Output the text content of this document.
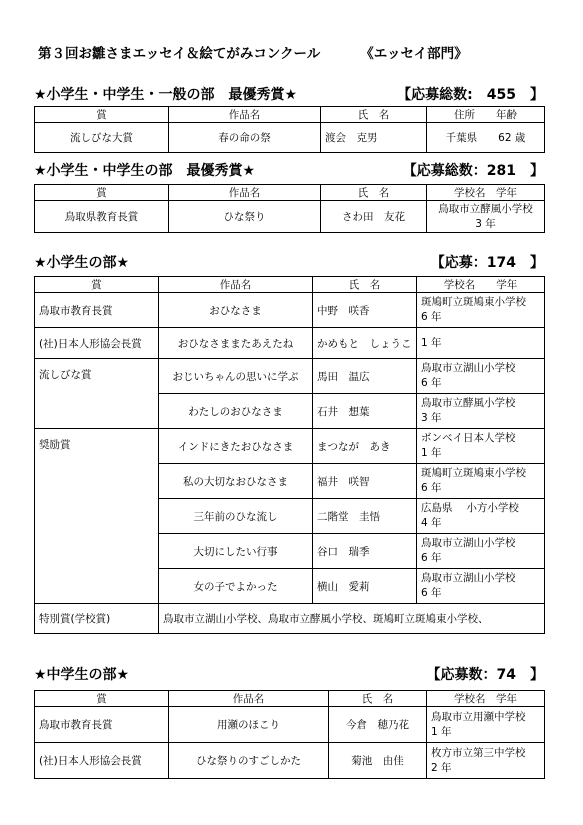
第３回お雛さまエッセイ＆絵てがみコンクール	《エッセイ部門》
★小学生・中学生・一般の部　最優秀賞★	【応募総数:　455　】
賞	作品名	氏　名	住所　　年齢
流しびな大賞	春の命の祭	渡会　克男	千葉県　　62 歳
★小学生・中学生の部　最優秀賞★	【応募総数：281　】
賞	作品名	氏　名	学校名　学年
鳥取県教育長賞	ひな祭り	さわ田　友花	鳥取市立酵風小学校
3 年
★小学生の部★	【応募：174　】
賞	作品名	氏　名	学校名　　学年
鳥取市教育長賞	おひなさま	中野　咲香	斑鳩町立斑鳩東小学校
6 年

(社)日本人形協会長賞	おひなさままたあえたね	かめもと　しょうこ	1 年
流しびな賞	おじいちゃんの思いに学ぶ	馬田　温広	鳥取市立湖山小学校
6 年

	わたしのおひなさま	石井　想葉	鳥取市立酵風小学校
3 年

奨励賞	インドにきたおひなさま	まつなが　あき	ボンベイ日本人学校
1 年

	私の大切なおひなさま	福井　咲智	斑鳩町立斑鳩東小学校
6 年

	三年前のひな流し	二階堂　圭悟	広島県　 小方小学校
4 年

	大切にしたい行事	谷口　瑞季	鳥取市立湖山小学校
6 年

	女の子でよかった	横山　愛莉	鳥取市立湖山小学校
6 年

特別賞(学校賞)	鳥取市立湖山小学校、鳥取市立酵風小学校、斑鳩町立斑鳩東小学校、		
★中学生の部★	【応募数：74　】
賞	作品名	氏　名	学校名　学年
鳥取市教育長賞	用瀬のほこり	今倉　穂乃花	鳥取市立用瀬中学校
1 年

(社)日本人形協会長賞	ひな祭りのすごしかた	菊池　由佳	枚方市立第三中学校
2 年
